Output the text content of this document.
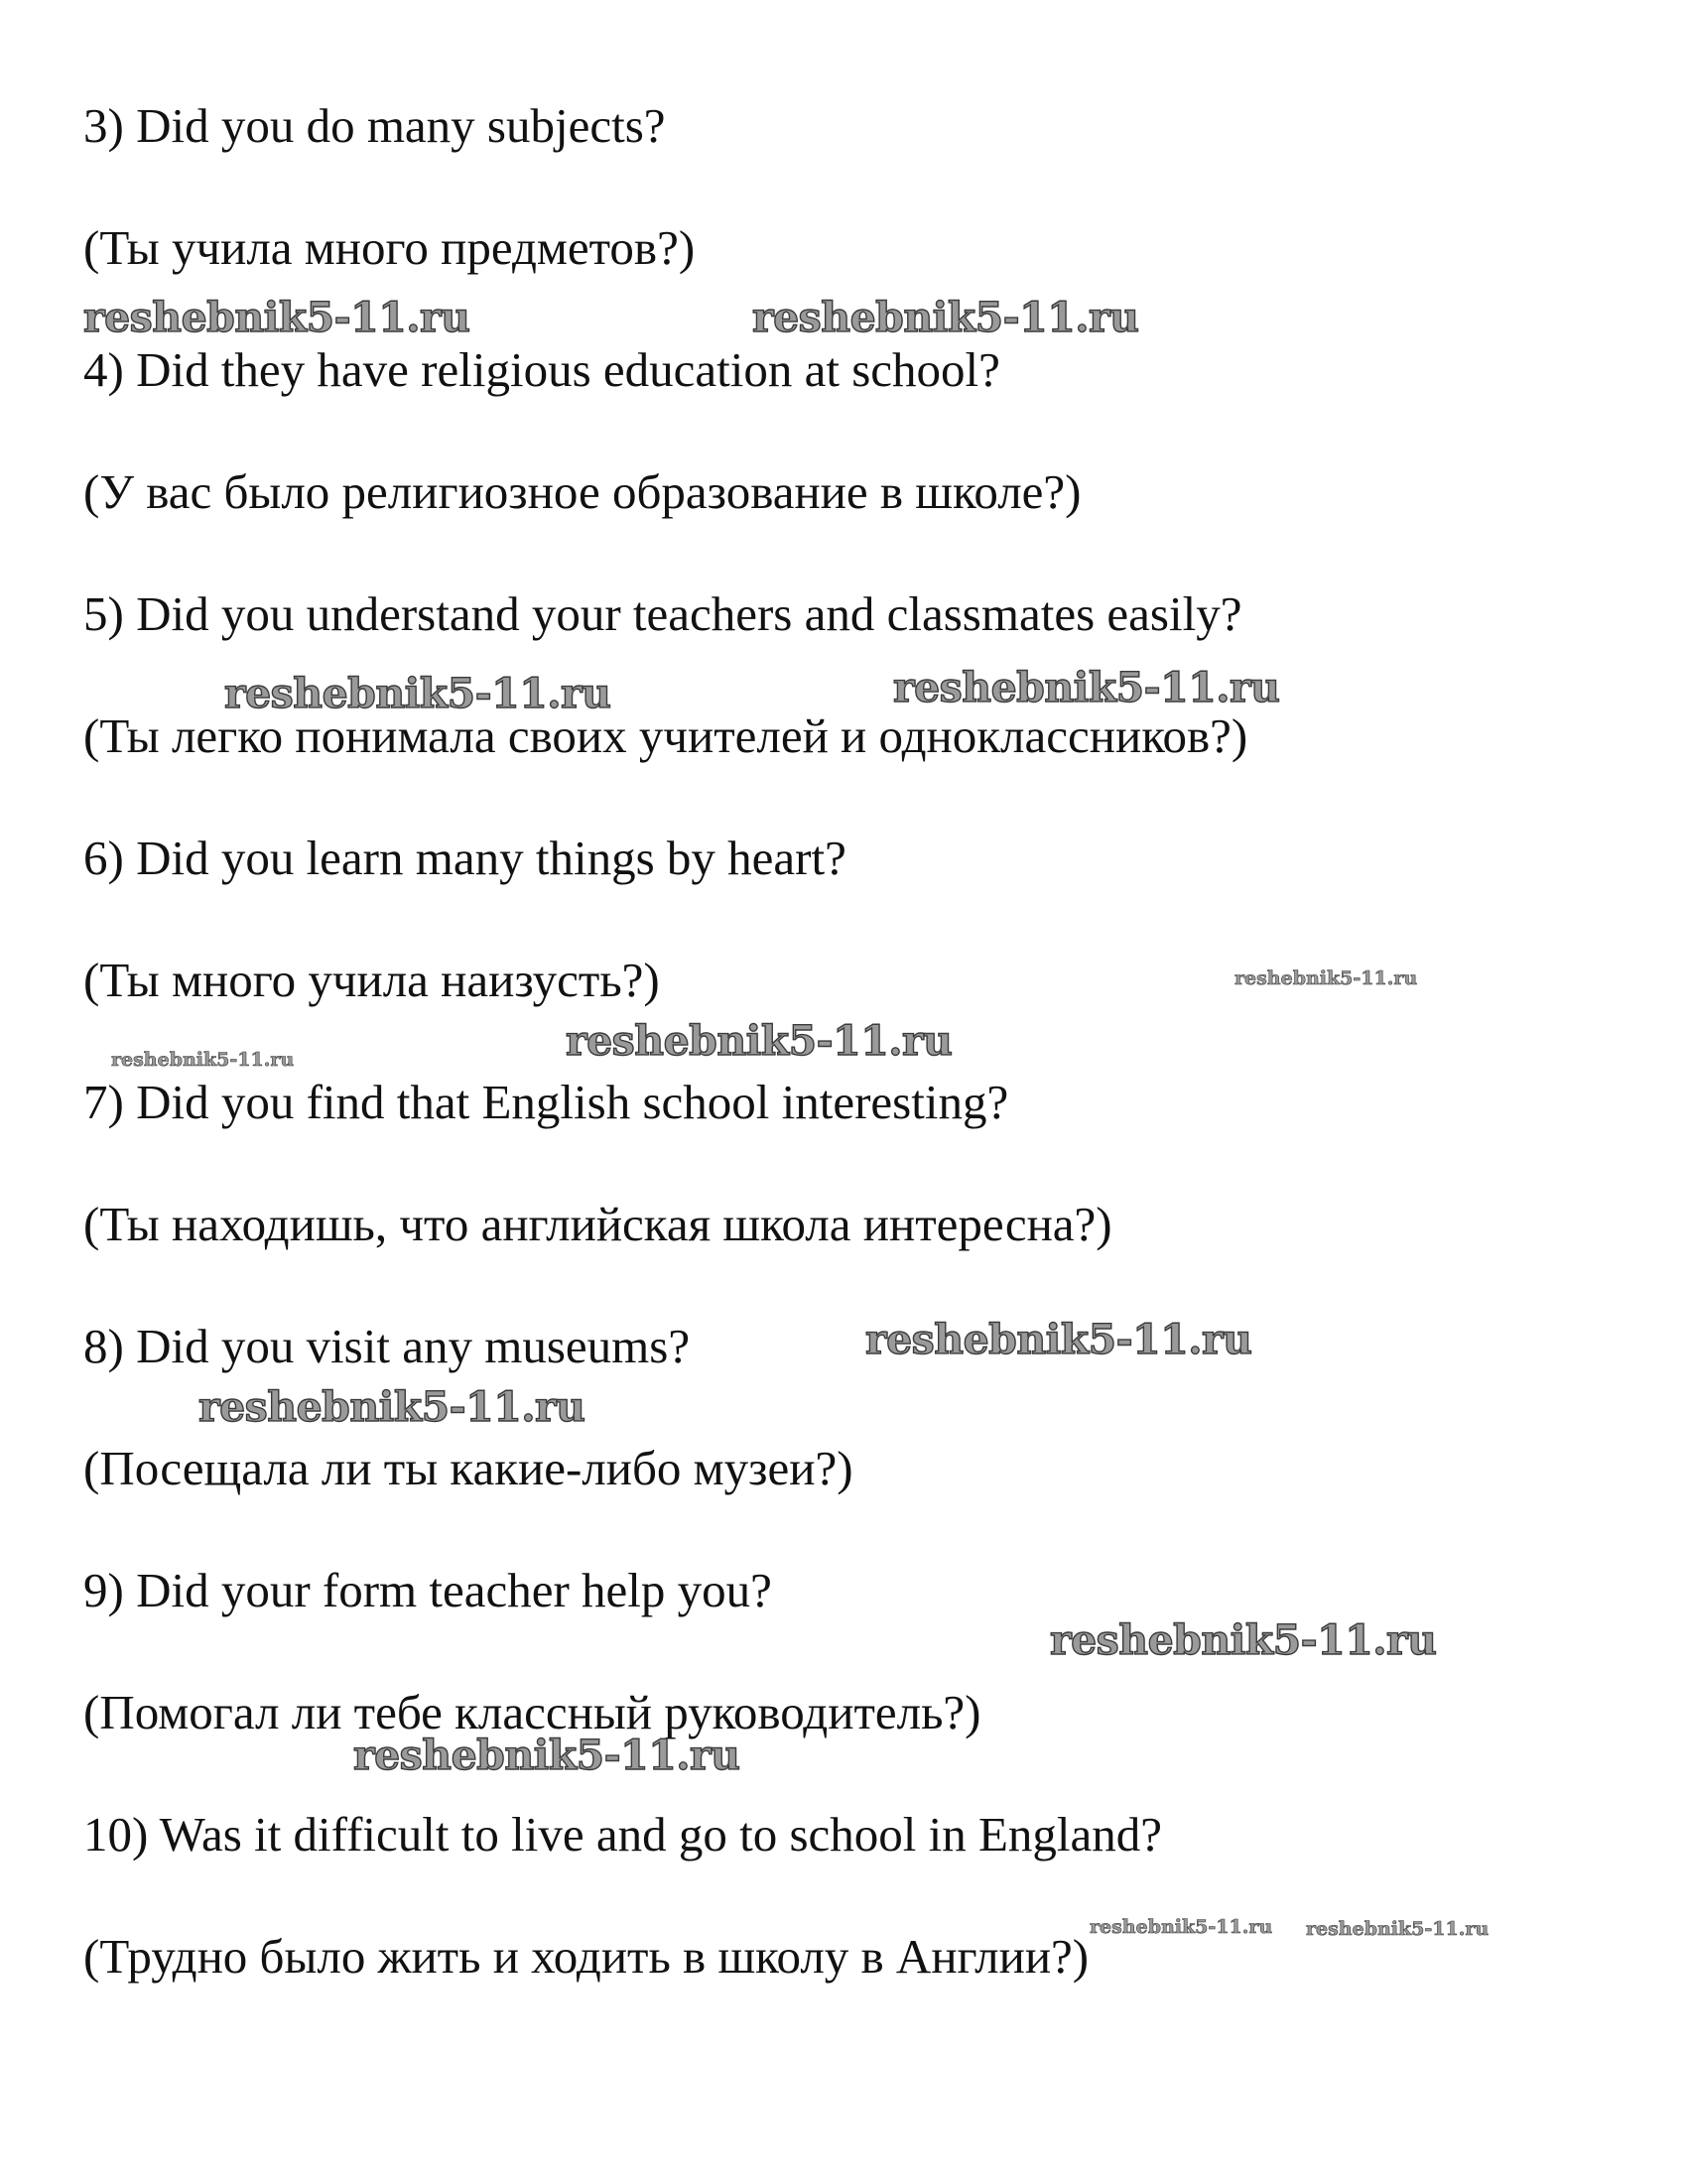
3) Did you do many subjects?

(Ты учила много предметов?)

4) Did they have religious education at school?

(У вас было религиозное образование в школе?)

5) Did you understand your teachers and classmates easily?

(Ты легко понимала своих учителей и одноклассников?)

6) Did you learn many things by heart?

(Ты много учила наизусть?)

7) Did you find that English school interesting?

(Ты находишь, что английская школа интересна?)

8) Did you visit any museums?

(Посещала ли ты какие-либо музеи?)

9) Did your form teacher help you?

(Помогал ли тебе классный руководитель?)

10) Was it difficult to live and go to school in England?

(Трудно было жить и ходить в школу в Англии?)

reshebnik5-11.ru	reshebnik5-11.ru
reshebnik5-11.ru	reshebnik5-11.ru
reshebnik5-11.ru
reshebnik5-11.ru	reshebnik5-11.ru
reshebnik5-11.ru
reshebnik5-11.ru
reshebnik5-11.ru
reshebnik5-11.ru
reshebnik5-11.ru reshebnik5-11.ru
